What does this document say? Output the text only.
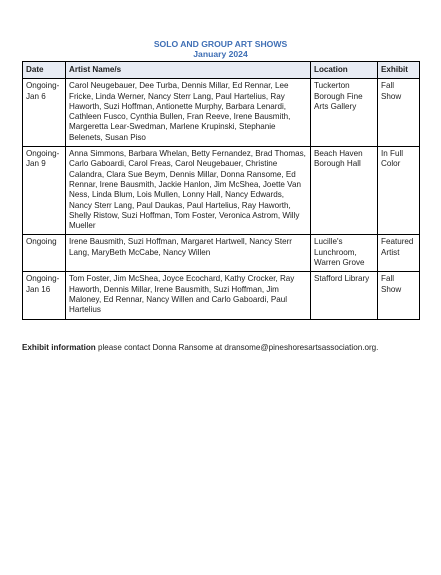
SOLO AND GROUP ART SHOWS
January 2024
Date	Artist Name/s	Location	Exhibit
Ongoing-Jan 6	Carol Neugebauer, Dee Turba, Dennis Millar, Ed Rennar, Lee Fricke, Linda Werner, Nancy Sterr Lang, Paul Hartelius, Ray Haworth, Suzi Hoffman, Antionette Murphy, Barbara Lenardi, Cathleen Fusco, Cynthia Bullen, Fran Reeve, Irene Bausmith, Margeretta Lear-Swedman, Marlene Krupinski, Stephanie Belenets, Susan Piso	Tuckerton Borough Fine Arts Gallery	Fall Show
Ongoing-Jan 9	Anna Simmons, Barbara Whelan, Betty Fernandez, Brad Thomas, Carlo Gaboardi, Carol Freas, Carol Neugebauer, Christine Calandra, Clara Sue Beym, Dennis Millar, Donna Ransome, Ed Rennar, Irene Bausmith, Jackie Hanlon, Jim McShea, Joette Van Ness, Linda Blum, Lois Mullen, Lonny Hall, Nancy Edwards, Nancy Sterr Lang, Paul Daukas, Paul Hartelius, Ray Haworth, Shelly Ristow, Suzi Hoffman, Tom Foster, Veronica Astrom, Willy Mueller	Beach Haven Borough Hall	In Full Color
Ongoing	Irene Bausmith, Suzi Hoffman, Margaret Hartwell, Nancy Sterr Lang, MaryBeth McCabe, Nancy Willen	Lucille's Lunchroom, Warren Grove	Featured Artist
Ongoing-Jan 16	Tom Foster, Jim McShea, Joyce Ecochard, Kathy Crocker, Ray Haworth, Dennis Millar, Irene Bausmith, Suzi Hoffman, Jim Maloney, Ed Rennar, Nancy Willen and Carlo Gaboardi, Paul Hartelius	Stafford Library	Fall Show
Exhibit information please contact Donna Ransome at dransome@pineshoresartsassociation.org.
